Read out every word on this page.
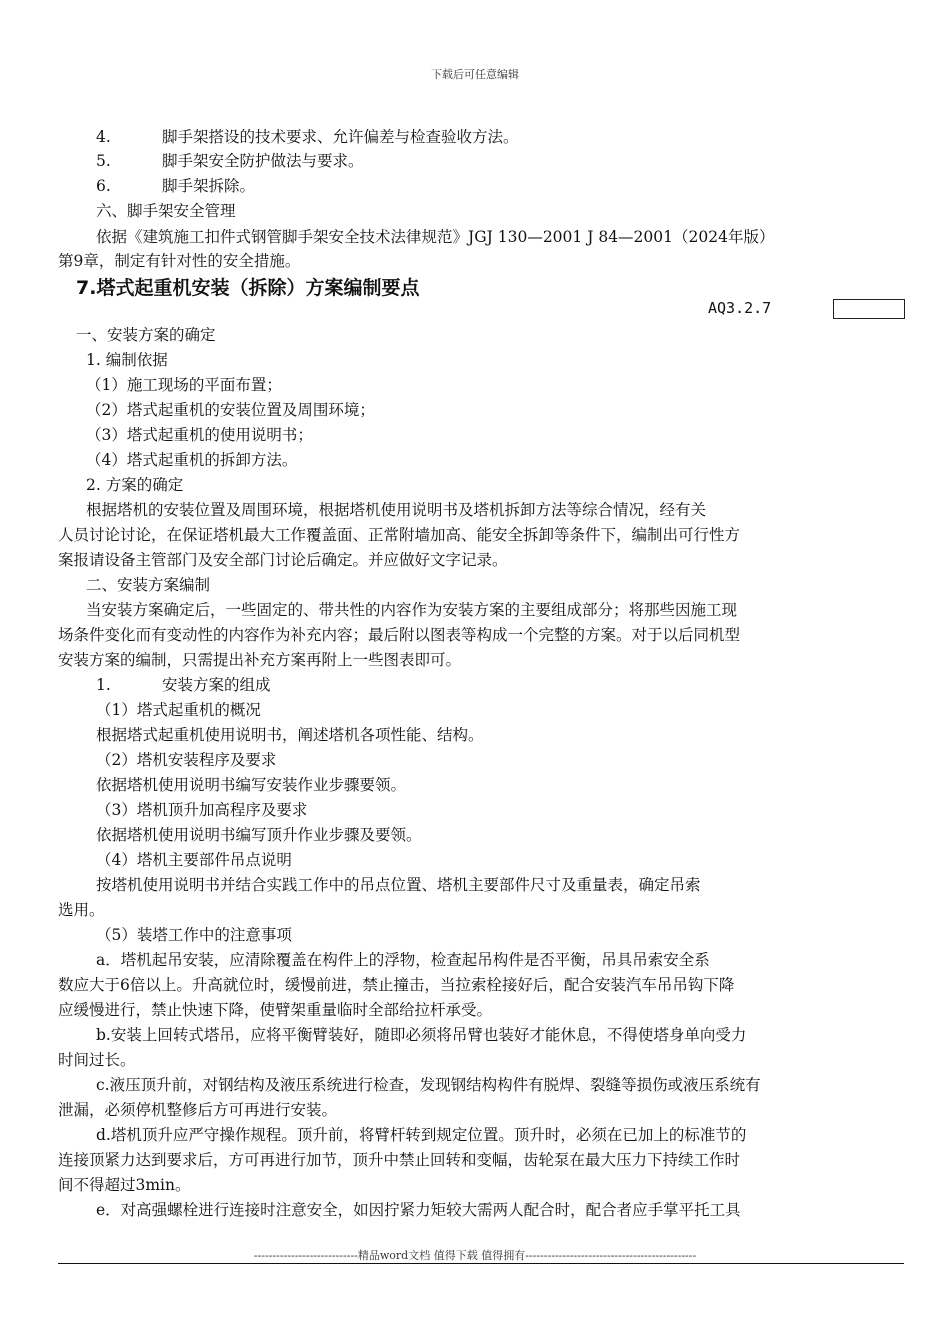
下载后可任意编辑

4.	脚手架搭设的技术要求、允许偏差与检查验收方法。

5.	脚手架安全防护做法与要求。

6.	脚手架拆除。

六、脚手架安全管理

依据《建筑施工扣件式钢管脚手架安全技术法律规范》JGJ 130—2001 J 84—2001（2024年版）

第9章，制定有针对性的安全措施。

7.塔式起重机安装（拆除）方案编制要点
AQ3.2.7

一、安装方案的确定

1. 编制依据

（1）施工现场的平面布置；

（2）塔式起重机的安装位置及周围环境；

（3）塔式起重机的使用说明书；

（4）塔式起重机的拆卸方法。

2. 方案的确定

根据塔机的安装位置及周围环境，根据塔机使用说明书及塔机拆卸方法等综合情况，经有关

人员讨论讨论，在保证塔机最大工作覆盖面、正常附墙加高、能安全拆卸等条件下，编制出可行性方

案报请设备主管部门及安全部门讨论后确定。并应做好文字记录。

二、安装方案编制

当安装方案确定后，一些固定的、带共性的内容作为安装方案的主要组成部分；将那些因施工现

场条件变化而有变动性的内容作为补充内容；最后附以图表等构成一个完整的方案。对于以后同机型

安装方案的编制，只需提出补充方案再附上一些图表即可。

1.	安装方案的组成

（1）塔式起重机的概况

根据塔式起重机使用说明书，阐述塔机各项性能、结构。

（2）塔机安装程序及要求

依据塔机使用说明书编写安装作业步骤要领。

（3）塔机顶升加高程序及要求

依据塔机使用说明书编写顶升作业步骤及要领。

（4）塔机主要部件吊点说明

按塔机使用说明书并结合实践工作中的吊点位置、塔机主要部件尺寸及重量表，确定吊索

选用。

（5）装塔工作中的注意事项

a．塔机起吊安装，应清除覆盖在构件上的浮物，检查起吊构件是否平衡，吊具吊索安全系

数应大于6倍以上。升高就位时，缓慢前进，禁止撞击，当拉索栓接好后，配合安装汽车吊吊钩下降

应缓慢进行，禁止快速下降，使臂架重量临时全部给拉杆承受。

b.安装上回转式塔吊，应将平衡臂装好，随即必须将吊臂也装好才能休息，不得使塔身单向受力

时间过长。

c.液压顶升前，对钢结构及液压系统进行检查，发现钢结构构件有脱焊、裂缝等损伤或液压系统有

泄漏，必须停机整修后方可再进行安装。

d.塔机顶升应严守操作规程。顶升前，将臂杆转到规定位置。顶升时，必须在已加上的标准节的

连接顶紧力达到要求后，方可再进行加节，顶升中禁止回转和变幅，齿轮泵在最大压力下持续工作时

间不得超过3min。

e．对高强螺栓进行连接时注意安全，如因拧紧力矩较大需两人配合时，配合者应手掌平托工具

----------------------------精品word文档 值得下载 值得拥有----------------------------------------------
